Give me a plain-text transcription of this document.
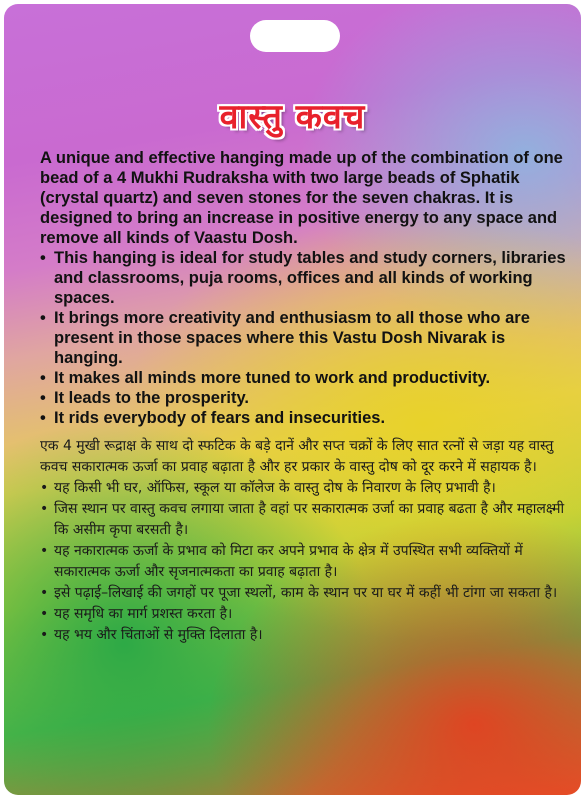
वास्तु कवच

A unique and effective hanging made up of the combination of one bead of a 4 Mukhi Rudraksha with two large beads of Sphatik (crystal quartz) and seven stones for the seven chakras. It is designed to bring an increase in positive energy to any space and remove all kinds of Vaastu Dosh.

• This hanging is ideal for study tables and study corners, libraries and classrooms, puja rooms, offices and all kinds of working spaces.
• It brings more creativity and enthusiasm to all those who are present in those spaces where this Vastu Dosh Nivarak is hanging.
• It makes all minds more tuned to work and productivity.
• It leads to the prosperity.
• It rids everybody of fears and insecurities.

एक 4 मुखी रूद्राक्ष के साथ दो स्फटिक के बड़े दानें और सप्त चक्रों के लिए सात रत्नों से जड़ा यह वास्तु कवच सकारात्मक ऊर्जा का प्रवाह बढ़ाता है और हर प्रकार के वास्तु दोष को दूर करने में सहायक है।

• यह किसी भी घर, ऑफिस, स्कूल या कॉलेज के वास्तु दोष के निवारण के लिए प्रभावी है।
• जिस स्थान पर वास्तु कवच लगाया जाता है वहां पर सकारात्मक उर्जा का प्रवाह बढता है और महालक्ष्मी कि असीम कृपा बरसती है।
• यह नकारात्मक ऊर्जा के प्रभाव को मिटा कर अपने प्रभाव के क्षेत्र में उपस्थित सभी व्यक्तियों में सकारात्मक ऊर्जा और सृजनात्मकता का प्रवाह बढ़ाता है।
• इसे पढ़ाई–लिखाई की जगहों पर पूजा स्थलों, काम के स्थान पर या घर में कहीं भी टांगा जा सकता है।
• यह समृधि का मार्ग प्रशस्त करता है।
• यह भय और चिंताओं से मुक्ति दिलाता है।
